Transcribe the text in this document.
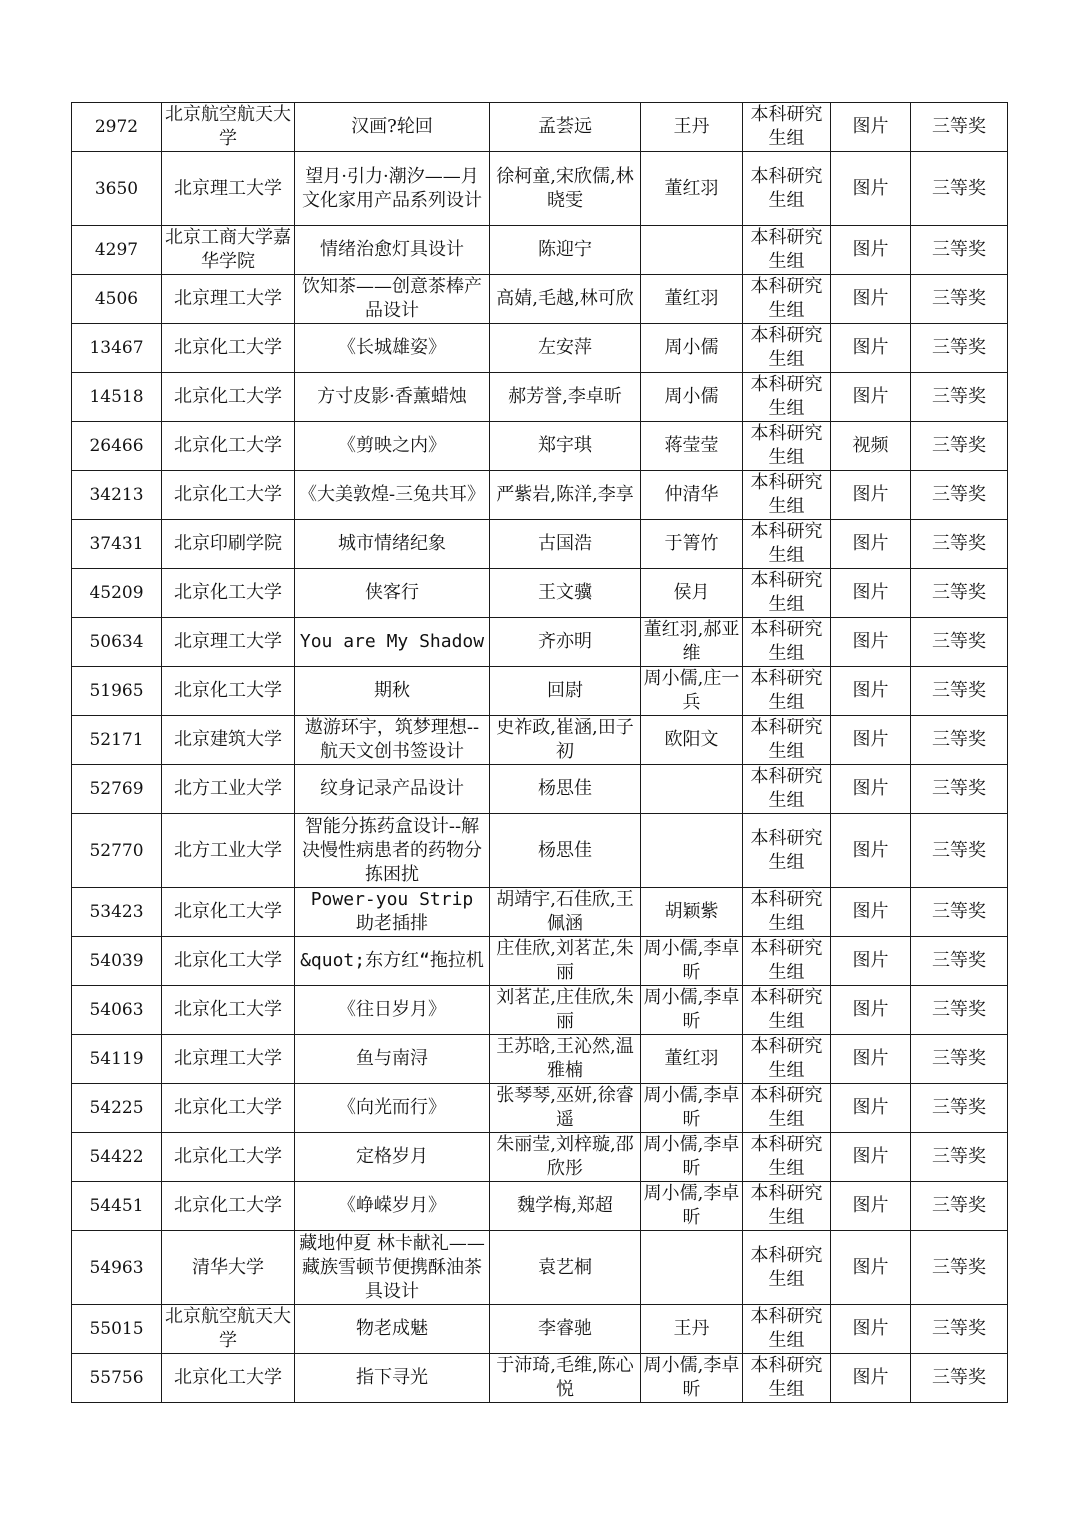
2972	北京航空航天大学	汉画?轮回	孟荟远	王丹	本科研究生组	图片	三等奖
3650	北京理工大学	望月·引力·潮汐——月文化家用产品系列设计	徐柯童,宋欣儒,林晓雯	董红羽	本科研究生组	图片	三等奖
4297	北京工商大学嘉华学院	情绪治愈灯具设计	陈迎宁		本科研究生组	图片	三等奖
4506	北京理工大学	饮知茶——创意茶棒产品设计	高婧,毛越,林可欣	董红羽	本科研究生组	图片	三等奖
13467	北京化工大学	《长城雄姿》	左安萍	周小儒	本科研究生组	图片	三等奖
14518	北京化工大学	方寸皮影·香薰蜡烛	郝芳誉,李卓昕	周小儒	本科研究生组	图片	三等奖
26466	北京化工大学	《剪映之内》	郑宇琪	蒋莹莹	本科研究生组	视频	三等奖
34213	北京化工大学	《大美敦煌-三兔共耳》	严紫岩,陈洋,李享	仲清华	本科研究生组	图片	三等奖
37431	北京印刷学院	城市情绪纪象	古国浩	于箐竹	本科研究生组	图片	三等奖
45209	北京化工大学	侠客行	王文骥	侯月	本科研究生组	图片	三等奖
50634	北京理工大学	You are My Shadow	齐亦明	董红羽,郝亚维	本科研究生组	图片	三等奖
51965	北京化工大学	期秋	回尉	周小儒,庄一兵	本科研究生组	图片	三等奖
52171	北京建筑大学	遨游环宇，筑梦理想--航天文创书签设计	史祚政,崔涵,田子初	欧阳文	本科研究生组	图片	三等奖
52769	北方工业大学	纹身记录产品设计	杨思佳		本科研究生组	图片	三等奖
52770	北方工业大学	智能分拣药盒设计--解决慢性病患者的药物分拣困扰	杨思佳		本科研究生组	图片	三等奖
53423	北京化工大学	Power-you Strip 助老插排	胡靖宇,石佳欣,王佩涵	胡颖紫	本科研究生组	图片	三等奖
54039	北京化工大学	&quot;东方红“拖拉机	庄佳欣,刘茗芷,朱丽	周小儒,李卓昕	本科研究生组	图片	三等奖
54063	北京化工大学	《往日岁月》	刘茗芷,庄佳欣,朱丽	周小儒,李卓昕	本科研究生组	图片	三等奖
54119	北京理工大学	鱼与南浔	王苏晗,王沁然,温雅楠	董红羽	本科研究生组	图片	三等奖
54225	北京化工大学	《向光而行》	张琴琴,巫妍,徐睿遥	周小儒,李卓昕	本科研究生组	图片	三等奖
54422	北京化工大学	定格岁月	朱丽莹,刘梓璇,邵欣彤	周小儒,李卓昕	本科研究生组	图片	三等奖
54451	北京化工大学	《峥嵘岁月》	魏学梅,郑超	周小儒,李卓昕	本科研究生组	图片	三等奖
54963	清华大学	藏地仲夏 林卡献礼——藏族雪顿节便携酥油茶具设计	袁艺桐		本科研究生组	图片	三等奖
55015	北京航空航天大学	物老成魅	李睿驰	王丹	本科研究生组	图片	三等奖
55756	北京化工大学	指下寻光	于沛琦,毛维,陈心悦	周小儒,李卓昕	本科研究生组	图片	三等奖
